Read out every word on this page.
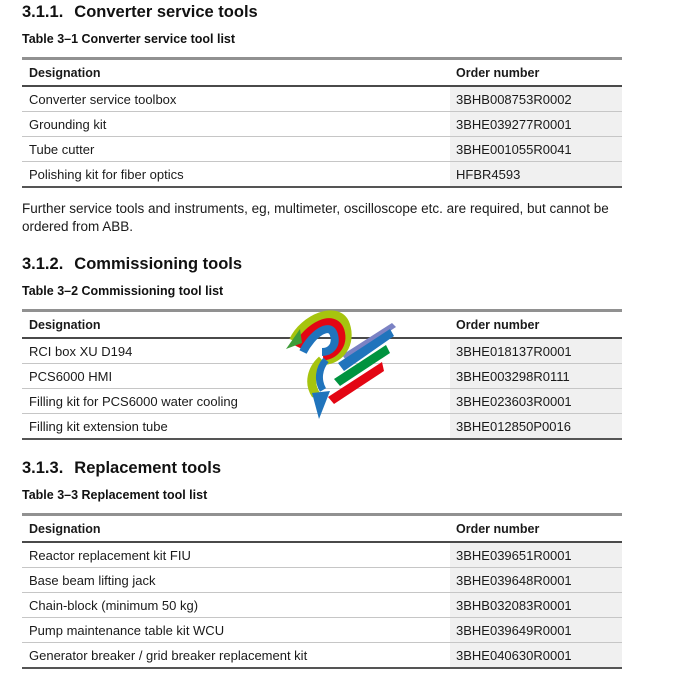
3.1.1. Converter service tools
Table 3–1 Converter service tool list
Designation	Order number
Converter service toolbox	3BHB008753R0002
Grounding kit	3BHE039277R0001
Tube cutter	3BHE001055R0041
Polishing kit for fiber optics	HFBR4593
Further service tools and instruments, eg, multimeter, oscilloscope etc. are required, but cannot be ordered from ABB.
3.1.2. Commissioning tools
Table 3–2 Commissioning tool list
Designation	Order number
RCI box XU D194	3BHE018137R0001
PCS6000 HMI	3BHE003298R0111
Filling kit for PCS6000 water cooling	3BHE023603R0001
Filling kit extension tube	3BHE012850P0016
3.1.3. Replacement tools
Table 3–3 Replacement tool list
Designation	Order number
Reactor replacement kit FIU	3BHE039651R0001
Base beam lifting jack	3BHE039648R0001
Chain-block (minimum 50 kg)	3BHB032083R0001
Pump maintenance table kit WCU	3BHE039649R0001
Generator breaker / grid breaker replacement kit	3BHE040630R0001
